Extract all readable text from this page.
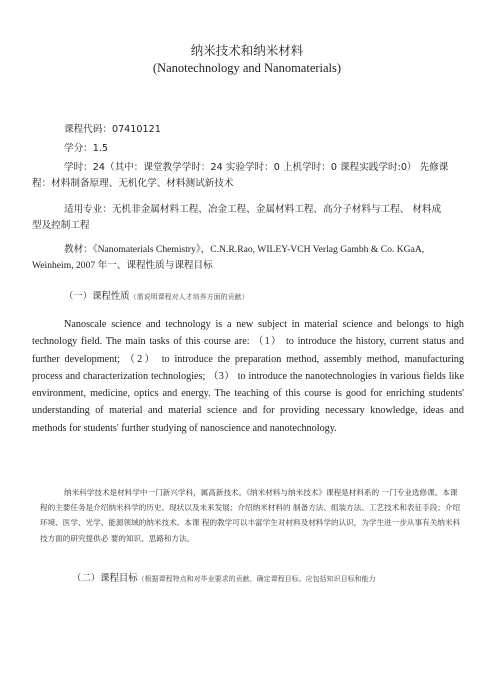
纳米技术和纳米材料
(Nanotechnology and Nanomaterials)
课程代码：07410121
学分：1.5
学时：24（其中：课堂教学学时：24 实验学时：0 上机学时：0 课程实践学时:0） 先修课
程：材料制备原理、无机化学、材料测试新技术
适用专业：无机非金属材料工程、冶金工程、金属材料工程、高分子材料与工程、 材料成
型及控制工程
教材：《Nanomaterials Chemistry》，C.N.R.Rao, WILEY-VCH Verlag Gambh & Co. KGaA,
Weinheim, 2007 年一、课程性质与课程目标
（一）课程性质（需说明课程对人才培养方面的贡献）

Nanoscale science and technology is a new subject in material science and belongs to high technology field. The main tasks of this course are: （1） to introduce the history, current status and further development; （2） to introduce the preparation method, assembly method, manufacturing process and characterization technologies; （3） to introduce the nanotechnologies in various fields like environment, medicine, optics and energy. The teaching of this course is good for enriching students' understanding of material and material science and for providing necessary knowledge, ideas and methods for students' further studying of nanoscience and nanotechnology.

纳米科学技术是材料学中一门新兴学科，属高新技术。《纳米材料与纳米技术》课程是材料系的 一门专业选修课。本课程的主要任务是介绍纳米科学的历史、现状以及未来发展；介绍纳米材料的 制备方法、组装方法、工艺技术和表征手段；介绍环境、医学、光学、能源领域的纳米技术。本课 程的教学可以丰富学生对材料及材料学的认识，为学生进一步从事有关纳米科技方面的研究提供必 要的知识、思路和方法。

（二）课程目标（根据课程特点和对毕业要求的贡献，确定课程目标。应包括知识目标和能力
